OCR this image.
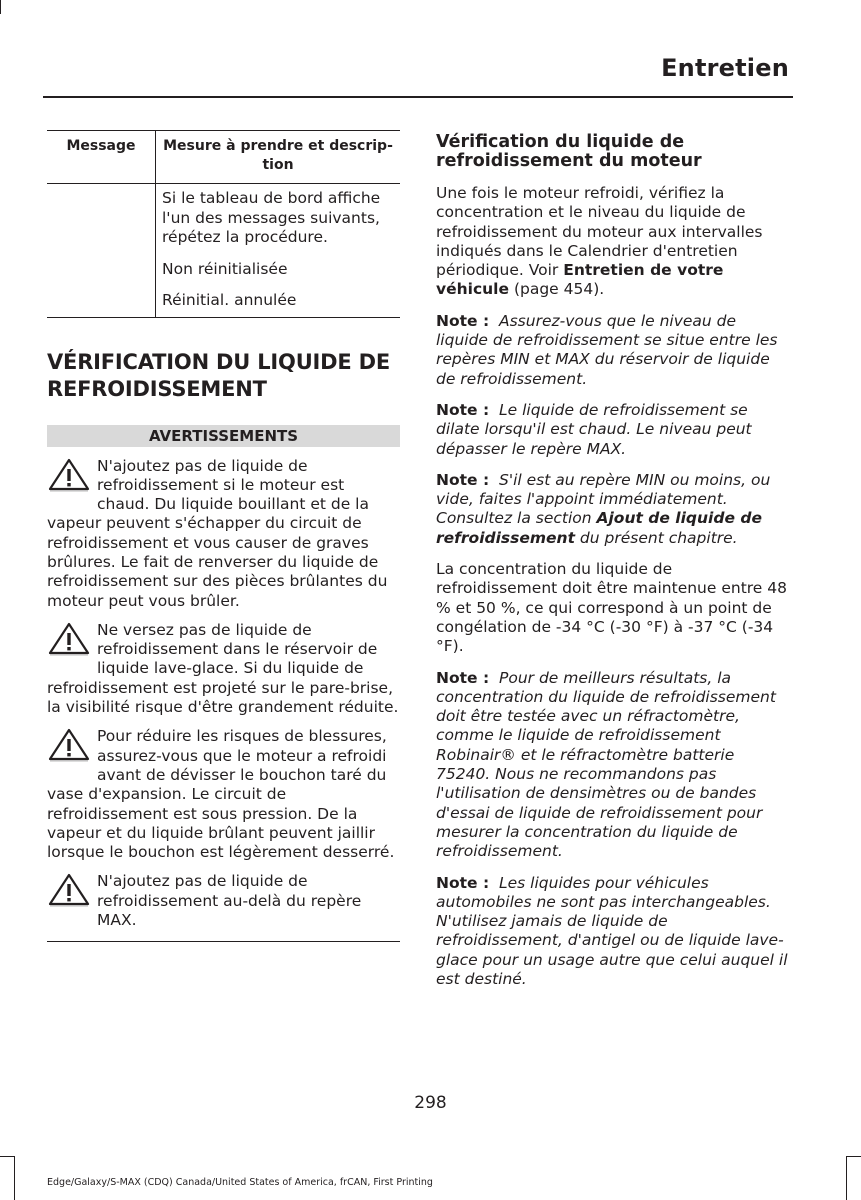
Entretien
Message	Mesure à prendre et descrip-tion

	Si le tableau de bord affiche l'un des messages suivants, répétez la procédure.

Non réinitialisée

Réinitial. annulée

VÉRIFICATION DU LIQUIDE DE REFROIDISSEMENT
AVERTISSEMENTS
N'ajoutez pas de liquide de refroidissement si le moteur est chaud. Du liquide bouillant et de la vapeur peuvent s'échapper du circuit de refroidissement et vous causer de graves brûlures. Le fait de renverser du liquide de refroidissement sur des pièces brûlantes du moteur peut vous brûler.
Ne versez pas de liquide de refroidissement dans le réservoir de liquide lave-glace. Si du liquide de refroidissement est projeté sur le pare-brise, la visibilité risque d'être grandement réduite.
Pour réduire les risques de blessures, assurez-vous que le moteur a refroidi avant de dévisser le bouchon taré du vase d'expansion. Le circuit de refroidissement est sous pression. De la vapeur et du liquide brûlant peuvent jaillir lorsque le bouchon est légèrement desserré.
N'ajoutez pas de liquide de refroidissement au-delà du repère MAX.
Vérification du liquide de refroidissement du moteur

Une fois le moteur refroidi, vérifiez la concentration et le niveau du liquide de refroidissement du moteur aux intervalles indiqués dans le Calendrier d'entretien périodique. Voir Entretien de votre véhicule (page 454).

Note : Assurez-vous que le niveau de liquide de refroidissement se situe entre les repères MIN et MAX du réservoir de liquide de refroidissement.

Note : Le liquide de refroidissement se dilate lorsqu'il est chaud. Le niveau peut dépasser le repère MAX.

Note : S'il est au repère MIN ou moins, ou vide, faites l'appoint immédiatement. Consultez la section Ajout de liquide de refroidissement du présent chapitre.

La concentration du liquide de refroidissement doit être maintenue entre 48 % et 50 %, ce qui correspond à un point de congélation de -34 °C (-30 °F) à -37 °C (-34 °F).

Note : Pour de meilleurs résultats, la concentration du liquide de refroidissement doit être testée avec un réfractomètre, comme le liquide de refroidissement Robinair® et le réfractomètre batterie 75240. Nous ne recommandons pas l'utilisation de densimètres ou de bandes d'essai de liquide de refroidissement pour mesurer la concentration du liquide de refroidissement.

Note : Les liquides pour véhicules automobiles ne sont pas interchangeables. N'utilisez jamais de liquide de refroidissement, d'antigel ou de liquide lave-glace pour un usage autre que celui auquel il est destiné.

298
Edge/Galaxy/S-MAX (CDQ) Canada/United States of America, frCAN, First Printing
